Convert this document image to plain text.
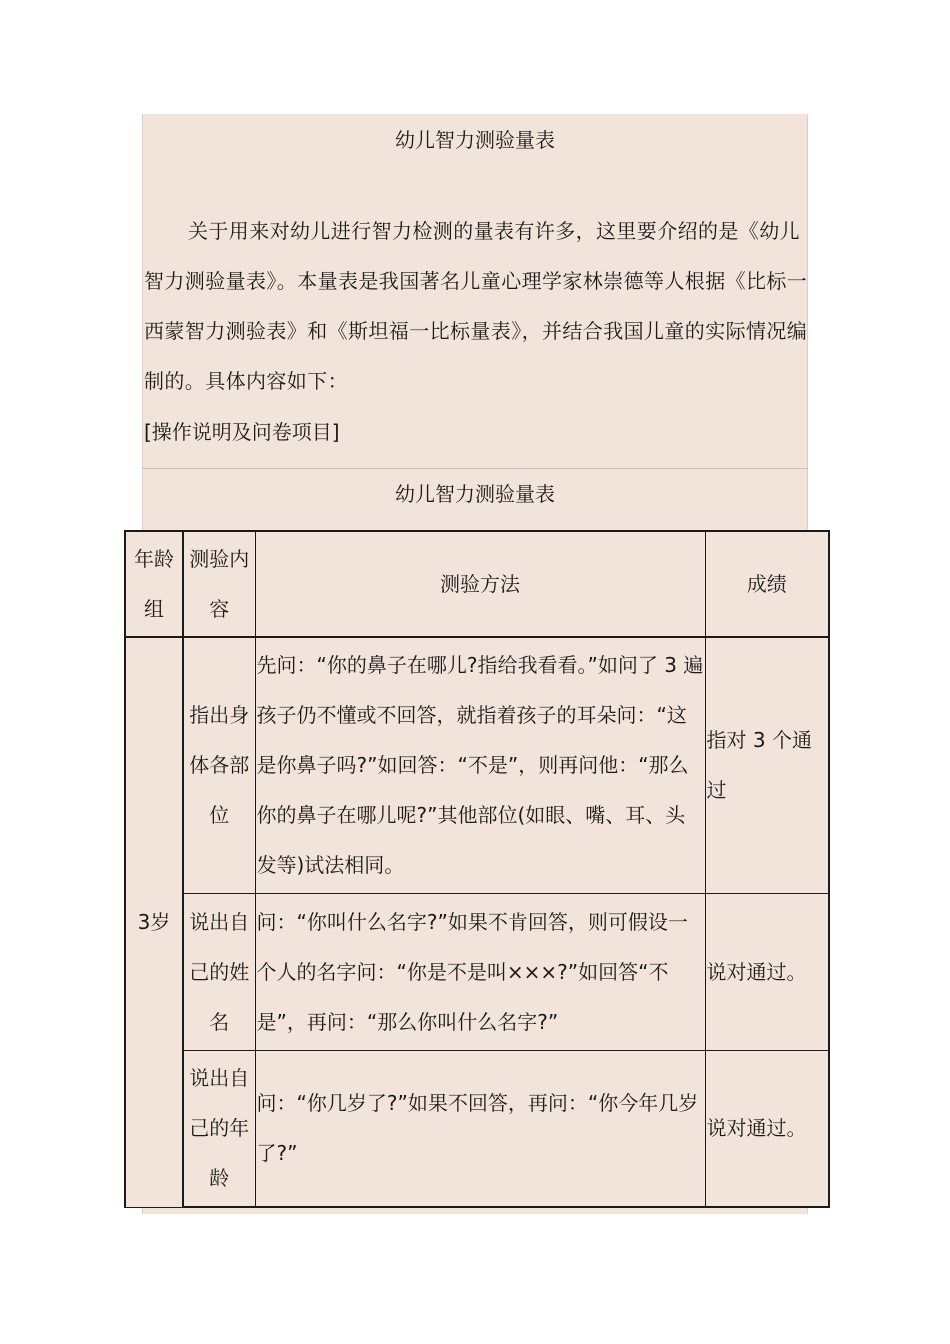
幼儿智力测验量表

关于用来对幼儿进行智力检测的量表有许多，这里要介绍的是《幼儿智力测验量表》。本量表是我国著名儿童心理学家林崇德等人根据《比标一西蒙智力测验表》和《斯坦福一比标量表》，并结合我国儿童的实际情况编制的。具体内容如下：

[操作说明及问卷项目]
幼儿智力测验量表
年龄组	测验内容	测验方法	成绩
3岁	指出身体各部位	先问：“你的鼻子在哪儿?指给我看看。”如问了 3 遍孩子仍不懂或不回答，就指着孩子的耳朵问：“这是你鼻子吗?”如回答：“不是”，则再问他：“那么你的鼻子在哪儿呢?”其他部位(如眼、嘴、耳、头发等)试法相同。	指对 3 个通过
	说出自己的姓名	问：“你叫什么名字?”如果不肯回答，则可假设一个人的名字问：“你是不是叫×××?”如回答“不是”，再问：“那么你叫什么名字?”	说对通过。
	说出自己的年龄	问：“你几岁了?”如果不回答，再问：“你今年几岁了?”	说对通过。
